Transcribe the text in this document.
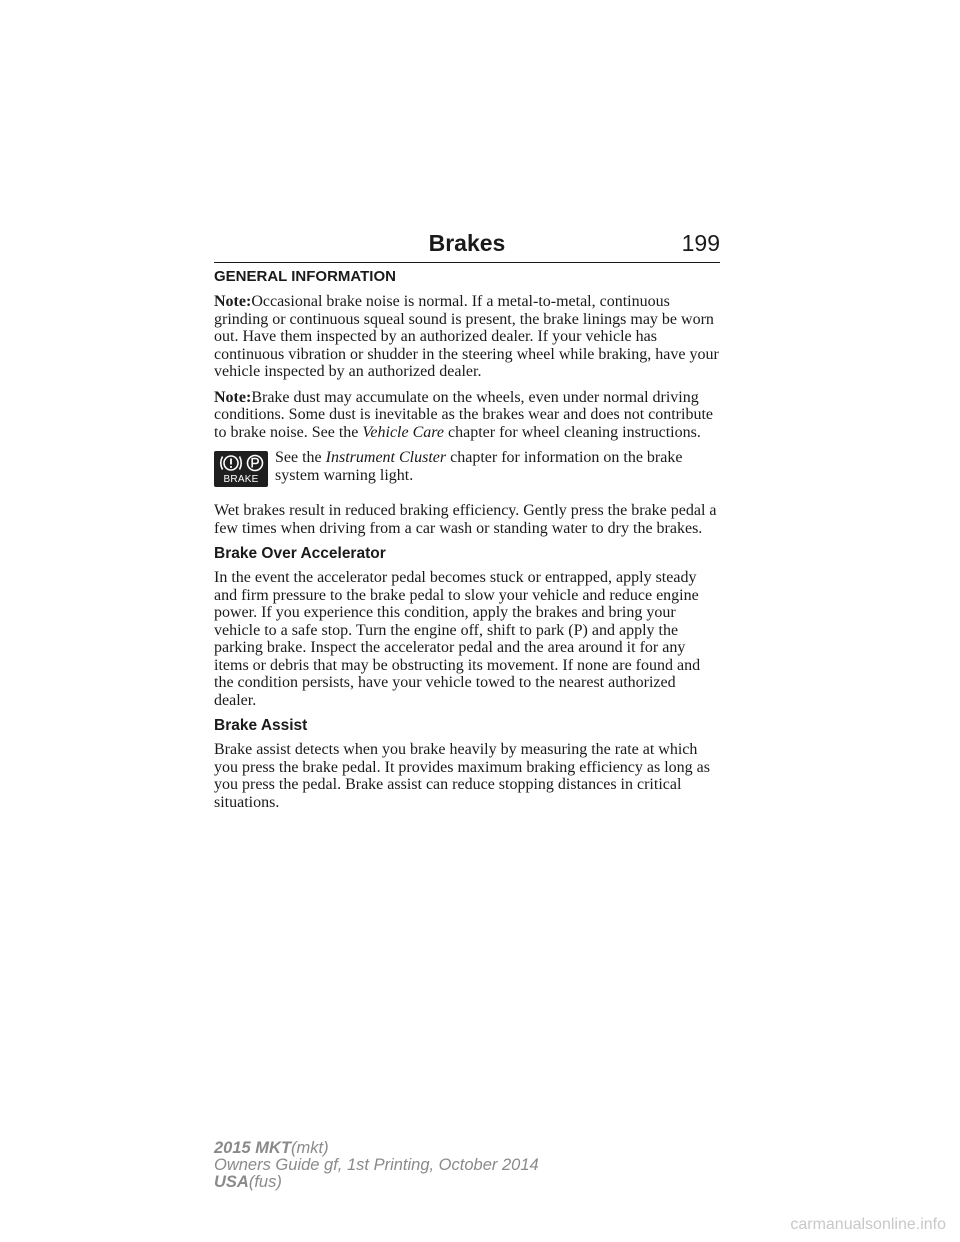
Brakes	199
GENERAL INFORMATION

Note:Occasional brake noise is normal. If a metal-to-metal, continuous grinding or continuous squeal sound is present, the brake linings may be worn out. Have them inspected by an authorized dealer. If your vehicle has continuous vibration or shudder in the steering wheel while braking, have your vehicle inspected by an authorized dealer.

Note:Brake dust may accumulate on the wheels, even under normal driving conditions. Some dust is inevitable as the brakes wear and does not contribute to brake noise. See the Vehicle Care chapter for wheel cleaning instructions.

BRAKE
See the Instrument Cluster chapter for information on the brake system warning light.

Wet brakes result in reduced braking efficiency. Gently press the brake pedal a few times when driving from a car wash or standing water to dry the brakes.

Brake Over Accelerator

In the event the accelerator pedal becomes stuck or entrapped, apply steady and firm pressure to the brake pedal to slow your vehicle and reduce engine power. If you experience this condition, apply the brakes and bring your vehicle to a safe stop. Turn the engine off, shift to park (P) and apply the parking brake. Inspect the accelerator pedal and the area around it for any items or debris that may be obstructing its movement. If none are found and the condition persists, have your vehicle towed to the nearest authorized dealer.

Brake Assist

Brake assist detects when you brake heavily by measuring the rate at which you press the brake pedal. It provides maximum braking efficiency as long as you press the pedal. Brake assist can reduce stopping distances in critical situations.

2015 MKT(mkt)
Owners Guide gf, 1st Printing, October 2014
USA(fus)
carmanualsonline.info
